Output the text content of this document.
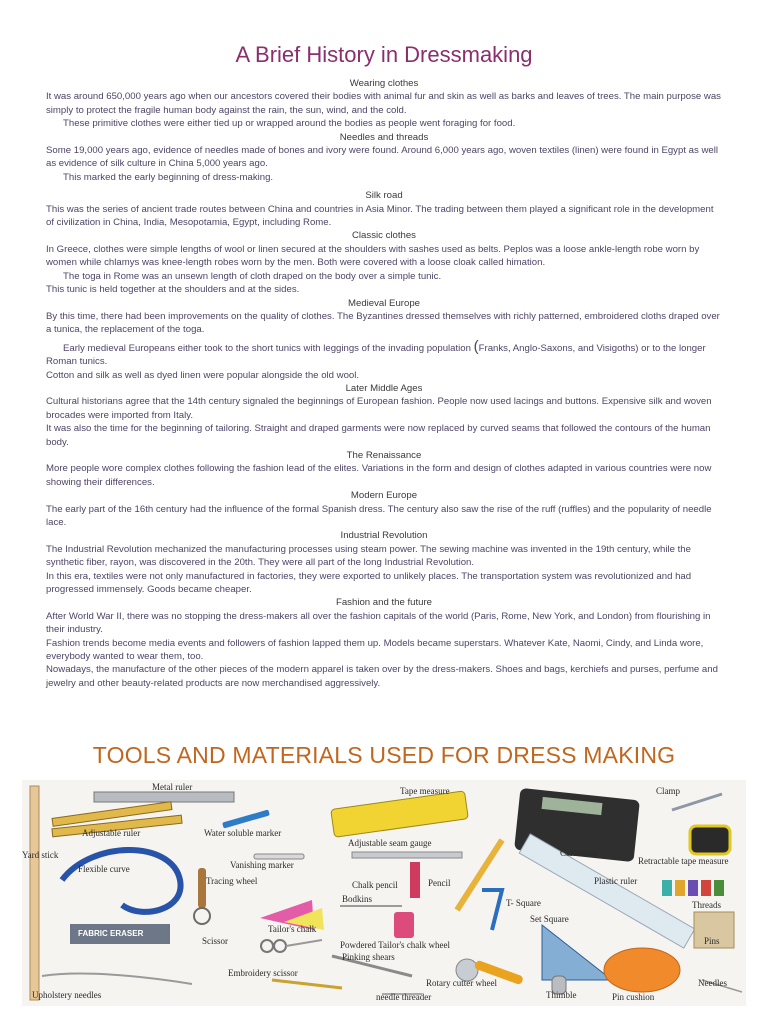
A Brief History in Dressmaking

Wearing clothes

It was around 650,000 years ago when our ancestors covered their bodies with animal fur and skin as well as barks and leaves of trees. The main purpose was simply to protect the fragile human body against the rain, the sun, wind, and the cold.

These primitive clothes were either tied up or wrapped around the bodies as people went foraging for food.

Needles and threads

Some 19,000 years ago, evidence of needles made of bones and ivory were found. Around 6,000 years ago, woven textiles (linen) were found in Egypt as well as evidence of silk culture in China 5,000 years ago.

This marked the early beginning of dress-making.

Silk road

This was the series of ancient trade routes between China and countries in Asia Minor. The trading between them played a significant role in the development of civilization in China, India, Mesopotamia, Egypt, including Rome.

Classic clothes

In Greece, clothes were simple lengths of wool or linen secured at the shoulders with sashes used as belts. Peplos was a loose ankle-length robe worn by women while chlamys was knee-length robes worn by the men. Both were covered with a loose cloak called himation.

The toga in Rome was an unsewn length of cloth draped on the body over a simple tunic.

This tunic is held together at the shoulders and at the sides.

Medieval Europe

By this time, there had been improvements on the quality of clothes. The Byzantines dressed themselves with richly patterned, embroidered cloths draped over a tunica, the replacement of the toga.

Early medieval Europeans either took to the short tunics with leggings of the invading population (Franks, Anglo-Saxons, and Visigoths) or to the longer Roman tunics.

Cotton and silk as well as dyed linen were popular alongside the old wool.

Later Middle Ages

Cultural historians agree that the 14th century signaled the beginnings of European fashion. People now used lacings and buttons. Expensive silk and woven brocades were imported from Italy.

It was also the time for the beginning of tailoring. Straight and draped garments were now replaced by curved seams that followed the contours of the human body.

The Renaissance

More people wore complex clothes following the fashion lead of the elites. Variations in the form and design of clothes adapted in various countries were now showing their differences.

Modern Europe

The early part of the 16th century had the influence of the formal Spanish dress. The century also saw the rise of the ruff (ruffles) and the popularity of needle lace.

Industrial Revolution

The Industrial Revolution mechanized the manufacturing processes using steam power. The sewing machine was invented in the 19th century, while the synthetic fiber, rayon, was discovered in the 20th. They were all part of the long Industrial Revolution.

In this era, textiles were not only manufactured in factories, they were exported to unlikely places. The transportation system was revolutionized and had progressed immensely. Goods became cheaper.

Fashion and the future

After World War II, there was no stopping the dress-makers all over the fashion capitals of the world (Paris, Rome, New York, and London) from flourishing in their industry.

Fashion trends become media events and followers of fashion lapped them up. Models became superstars. Whatever Kate, Naomi, Cindy, and Linda wore, everybody wanted to wear them, too.

Nowadays, the manufacture of the other pieces of the modern apparel is taken over by the dress-makers. Shoes and bags, kerchiefs and purses, perfume and jewelry and other beauty-related products are now merchandised aggressively.

TOOLS AND MATERIALS USED FOR DRESS MAKING
Metal ruler	Tape measure	Clamp
Adjustable ruler	Water soluble marker
Yard stick
Adjustable seam gauge
Calculator
Retractable tape measure
Flexible curve	Vanishing marker
Tracing wheel	Chalk pencil	Pencil	Plastic ruler
Bodkins	T- Square	Threads
FABRIC ERASER	Tailor's chalk
Set Square
Pins
Scissor	Powdered Tailor's chalk wheel
Pinking shears
Embroidery scissor
Rotary cutter wheel
Upholstery needles	needle threader	Thimble	Pin cushion
Needles
